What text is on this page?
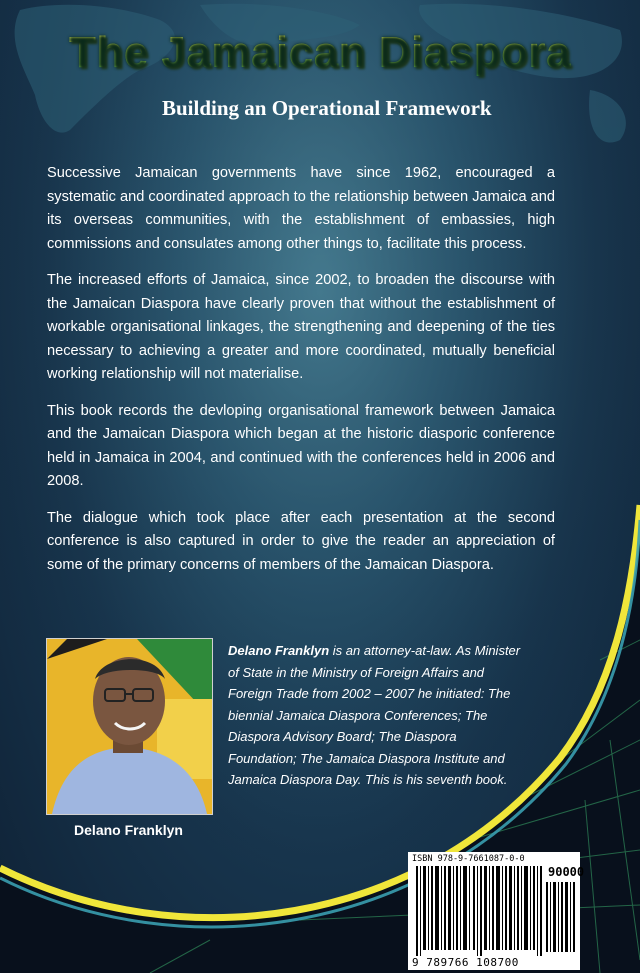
The Jamaican Diaspora
Building an Operational Framework

Successive Jamaican governments have since 1962, encouraged a systematic and coordinated approach to the relationship between Jamaica and its overseas communities, with the establishment of embassies, high commissions and consulates among other things to, facilitate this process.

The increased efforts of Jamaica, since 2002, to broaden the discourse with the Jamaican Diaspora have clearly proven that without the establishment of workable organisational linkages, the strengthening and deepening of the ties necessary to achieving a greater and more coordinated, mutually beneficial working relationship will not materialise.

This book records the devloping organisational framework between Jamaica and the Jamaican Diaspora which began at the historic diasporic conference held in Jamaica in 2004, and continued with the conferences held in 2006 and 2008.

The dialogue which took place after each presentation at the second conference is also captured in order to give the reader an appreciation of some of the primary concerns of members of the Jamaican Diaspora.

Delano Franklyn
Delano Franklyn is an attorney-at-law. As Minister of State in the Ministry of Foreign Affairs and Foreign Trade from 2002 – 2007 he initiated: The biennial Jamaica Diaspora Conferences; The Diaspora Advisory Board; The Diaspora Foundation; The Jamaica Diaspora Institute and Jamaica Diaspora Day. This is his seventh book.
ISBN 978-9-7661087-0-0
90000
9 789766 108700
